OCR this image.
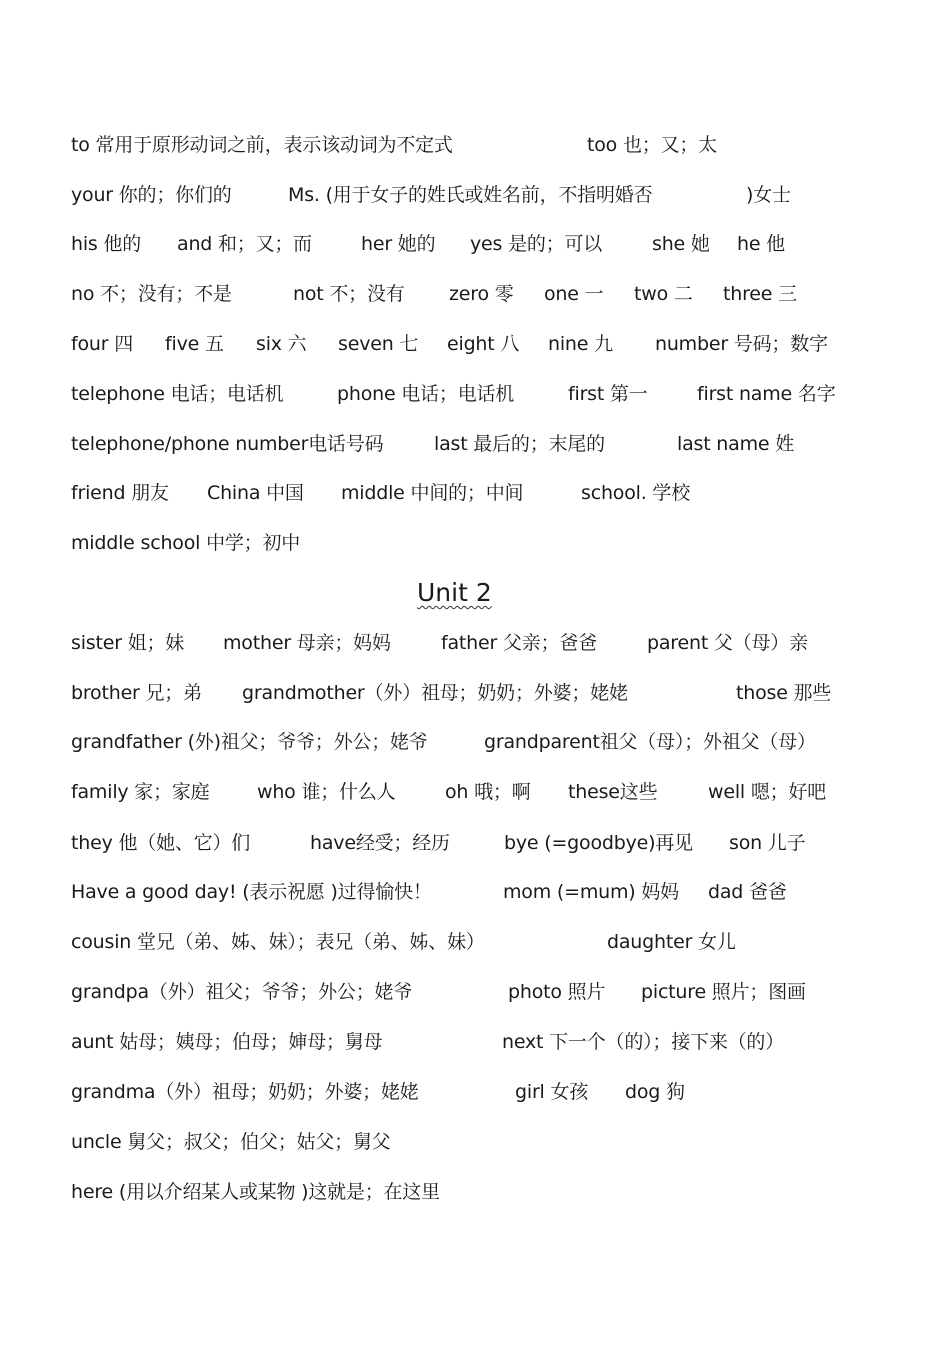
to 常用于原形动词之前，表示该动词为不定式	too 也；又；太
your 你的；你们的	Ms. (用于女子的姓氏或姓名前，不指明婚否	)女士
his 他的 and 和；又；而	her 她的 yes 是的；可以	she 她 he 他
no 不；没有；不是	not 不；没有 zero 零 one 一 two 二 three 三
four 四 five 五 six 六 seven 七 eight 八 nine 九 number 号码；数字
telephone 电话；电话机	phone 电话；电话机	first 第一	first name 名字
telephone/phone number电话号码	last 最后的；末尾的	last name 姓
friend 朋友 China 中国 middle 中间的；中间	school. 学校
middle school 中学；初中
Unit 2
sister 姐；妹 mother 母亲；妈妈	father 父亲；爸爸	parent 父（母）亲
brother 兄；弟 grandmother（外）祖母；奶奶；外婆；姥姥	those 那些
grandfather (外)祖父；爷爷；外公；姥爷	grandparent祖父（母）；外祖父（母）
family 家；家庭	who 谁；什么人	oh 哦；啊 these这些	well 嗯；好吧
they 他（她、它）们	have经受；经历	bye (=goodbye)再见 son 儿子
Have a good day! (表示祝愿 )过得愉快！	mom (=mum) 妈妈 dad 爸爸
cousin 堂兄（弟、姊、妹）；表兄（弟、姊、妹）	daughter 女儿
grandpa（外）祖父；爷爷；外公；姥爷	photo 照片 picture 照片；图画
aunt 姑母；姨母；伯母；婶母；舅母	next 下一个（的）；接下来（的）
grandma（外）祖母；奶奶；外婆；姥姥	girl 女孩 dog 狗
uncle 舅父；叔父；伯父；姑父；舅父
here (用以介绍某人或某物 )这就是；在这里
